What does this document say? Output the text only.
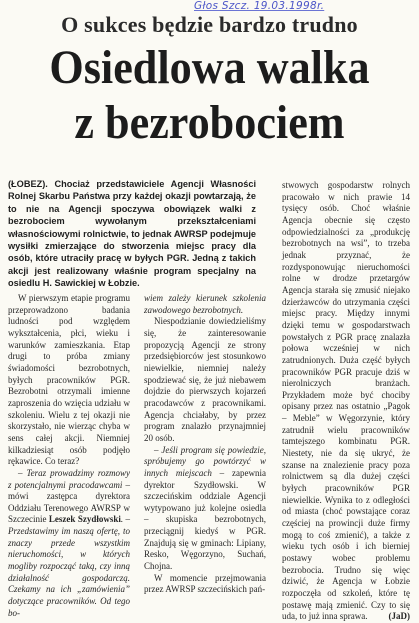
Głos Szcz. 19.03.1998r.
O sukces będzie bardzo trudno
Osiedlowa walka
z bezrobociem
(ŁOBEZ). Chociaż przedstawiciele Agencji Własności Rolnej Skarbu Państwa przy każdej okazji powtarzają, że to nie na Agencji spoczywa obowiązek walki z bezrobociem wywołanym przekształceniami własnościowymi rolnictwie, to jednak AWRSP podejmuje wysiłki zmierzające do stworzenia miejsc pracy dla osób, które utraciły pracę w byłych PGR. Jedną z takich akcji jest realizowany właśnie program specjalny na osiedlu H. Sawickiej w Łobzie.

W pierwszym etapie programu przeprowadzono badania ludności pod względem wykształcenia, płci, wieku i warunków zamieszkania. Etap drugi to próba zmiany świadomości bezrobotnych, byłych pracowników PGR. Bezrobotni otrzymali imienne zaproszenia do wzięcia udziału w szkoleniu. Wielu z tej okazji nie skorzystało, nie wierząc chyba w sens całej akcji. Niemniej kilkadziesiąt osób podjęło rękawice. Co teraz?

– Teraz prowadzimy rozmowy z potencjalnymi pracodawcami – mówi zastępca dyrektora Oddziału Terenowego AWRSP w Szczecinie Leszek Szydłowski. – Przedstawimy im naszą ofertę, to znaczy przede wszystkim nieruchomości, w których mogliby rozpocząć taką, czy inną działalność gospodarczą. Czekamy na ich „zamówienia” dotyczące pracowników. Od tego bo-

wiem zależy kierunek szkolenia zawodowego bezrobotnych.

Niespodzianie dowiedzieliśmy się, że zainteresowanie propozycją Agencji ze strony przedsiębiorców jest stosunkowo niewielkie, niemniej należy spodziewać się, że już niebawem dojdzie do pierwszych kojarzeń pracodawców z pracownikami. Agencja chciałaby, by przez program znalazło przynajmniej 20 osób.

– Jeśli program się powiedzie, spróbujemy go powtórzyć w innych miejscach – zapewnia dyrektor Szydłowski. W szczecińskim oddziale Agencji wytypowano już kolejne osiedla – skupiska bezrobotnych, przeciągnij kiedyś w PGR. Znajdują się w gminach: Lipiany, Resko, Węgorzyno, Suchań, Chojna.

W momencie przejmowania przez AWRSP szczecińskich pań-

stwowych gospodarstw rolnych pracowało w nich prawie 14 tysięcy osób. Choć właśnie Agencja obecnie się często odpowiedzialności za „produkcję bezrobotnych na wsi”, to trzeba jednak przyznać, że rozdysponowując nieruchomości rolne w drodze przetargów Agencja starała się zmusić niejako dzierżawców do utrzymania części miejsc pracy. Między innymi dzięki temu w gospodarstwach powstałych z PGR pracę znalazła połowa wcześniej w nich zatrudnionych. Duża część byłych pracowników PGR pracuje dziś w nierolniczych branżach. Przykładem może być chociby opisany przez nas ostatnio „Pagok – Meble” w Węgorzynie, który zatrudnił wielu pracowników tamtejszego kombinatu PGR. Niestety, nie da się ukryć, że szanse na znalezienie pracy poza rolnictwem są dla dużej części byłych pracowników PGR niewielkie. Wynika to z odległości od miasta (choć powstające coraz częściej na prowincji duże firmy mogą to coś zmienić), a także z wieku tych osób i ich bierniej postawy wobec problemu bezrobocia. Trudno się więc dziwić, że Agencja w Łobzie rozpoczęła od szkoleń, które tę postawę mają zmienić. Czy to się uda, to już inna sprawa. (JaD)
